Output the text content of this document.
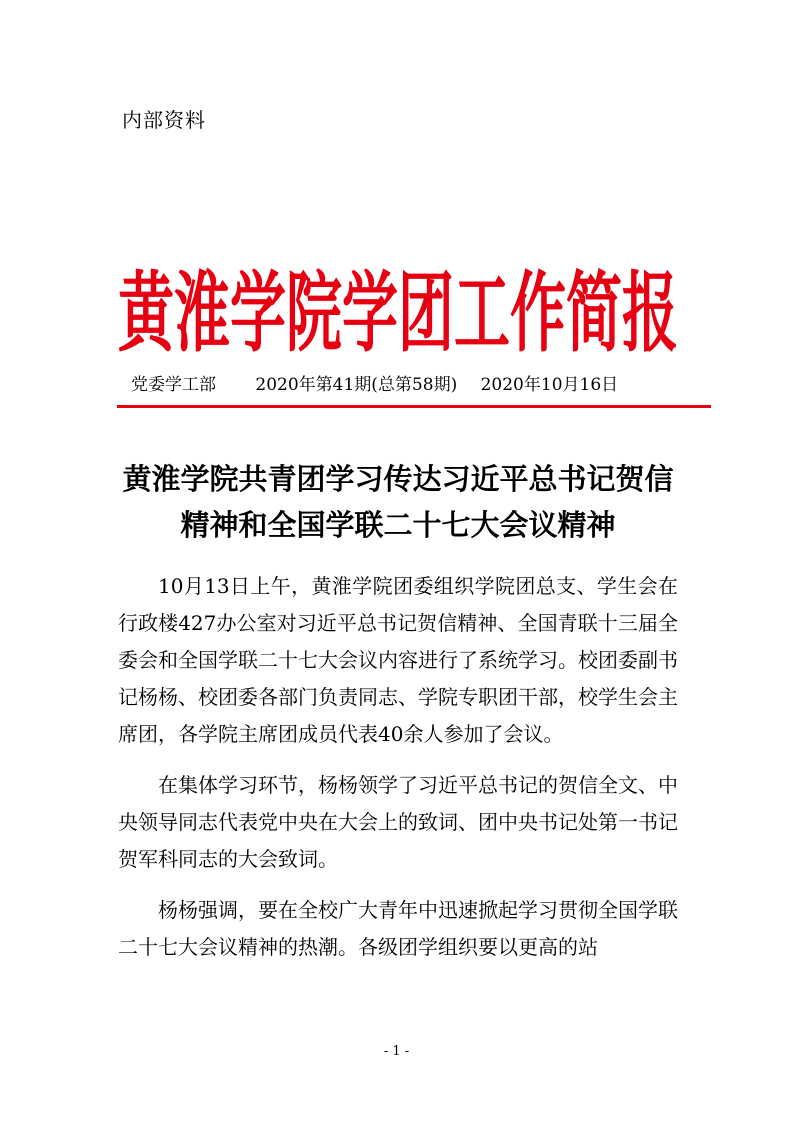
内部资料
黄淮学院学团工作简报
党委学工部 2020年第41期(总第58期) 2020年10月16日
黄淮学院共青团学习传达习近平总书记贺信精神和全国学联二十七大会议精神

10月13日上午，黄淮学院团委组织学院团总支、学生会在行政楼427办公室对习近平总书记贺信精神、全国青联十三届全委会和全国学联二十七大会议内容进行了系统学习。校团委副书记杨杨、校团委各部门负责同志、学院专职团干部，校学生会主席团，各学院主席团成员代表40余人参加了会议。

在集体学习环节，杨杨领学了习近平总书记的贺信全文、中央领导同志代表党中央在大会上的致词、团中央书记处第一书记贺军科同志的大会致词。

杨杨强调，要在全校广大青年中迅速掀起学习贯彻全国学联二十七大会议精神的热潮。各级团学组织要以更高的站

- 1 -
